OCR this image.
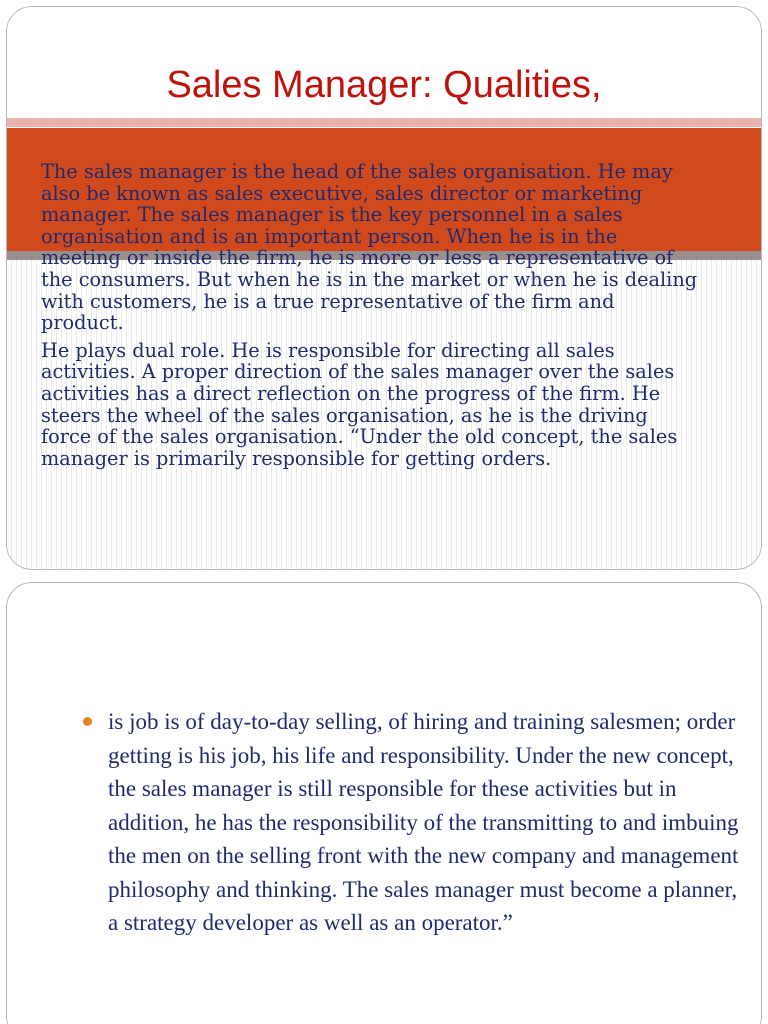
Sales Manager: Qualities,

The sales manager is the head of the sales organisation. He may also be known as sales executive, sales director or marketing manager. The sales manager is the key personnel in a sales organisation and is an important person. When he is in the meeting or inside the firm, he is more or less a representative of the consumers. But when he is in the market or when he is dealing with customers, he is a true representative of the firm and product.

He plays dual role. He is responsible for directing all sales activities. A proper direction of the sales manager over the sales activities has a direct reflection on the progress of the firm. He steers the wheel of the sales organisation, as he is the driving force of the sales organisation. “Under the old concept, the sales manager is primarily responsible for getting orders.

is job is of day-to-day selling, of hiring and training salesmen; order getting is his job, his life and responsibility. Under the new concept, the sales manager is still responsible for these activities but in addition, he has the responsibility of the transmitting to and imbuing the men on the selling front with the new company and management philosophy and thinking. The sales manager must become a planner, a strategy developer as well as an operator.”
